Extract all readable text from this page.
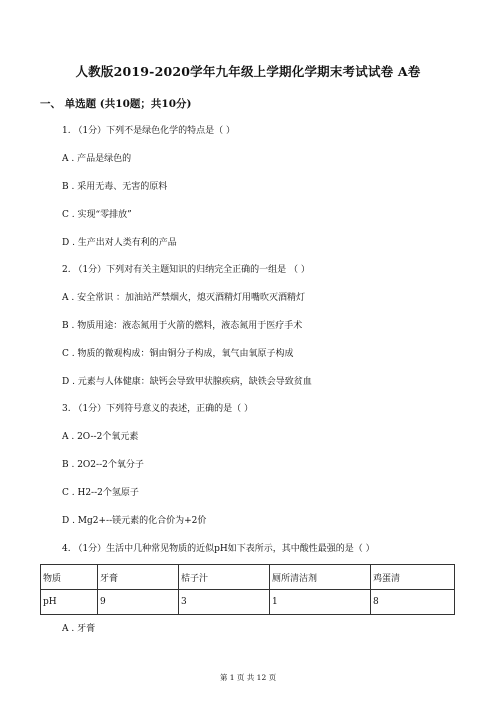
人教版2019-2020学年九年级上学期化学期末考试试卷 A卷
一、 单选题 (共10题；共10分)
1. （1分）下列不是绿色化学的特点是（ ）
A . 产品是绿色的
B . 采用无毒、无害的原料
C . 实现“零排放”
D . 生产出对人类有利的产品
2. （1分）下列对有关主题知识的归纳完全正确的一组是 （ ）
A . 安全常识 ：加油站严禁烟火，熄灭酒精灯用嘴吹灭酒精灯
B . 物质用途：液态氮用于火箭的燃料，液态氮用于医疗手术
C . 物质的微观构成：铜由铜分子构成，氧气由氧原子构成
D . 元素与人体健康：缺钙会导致甲状腺疾病，缺铁会导致贫血
3. （1分）下列符号意义的表述，正确的是（ ）
A . 2O--2个氧元素
B . 2O2--2个氧分子
C . H2--2个氢原子
D . Mg2+--镁元素的化合价为+2价
4. （1分）生活中几种常见物质的近似pH如下表所示，其中酸性最强的是（ ）
物质	牙膏	桔子汁	厕所清洁剂	鸡蛋清
pH	9	3	1	8
A . 牙膏
第 1 页 共 12 页
